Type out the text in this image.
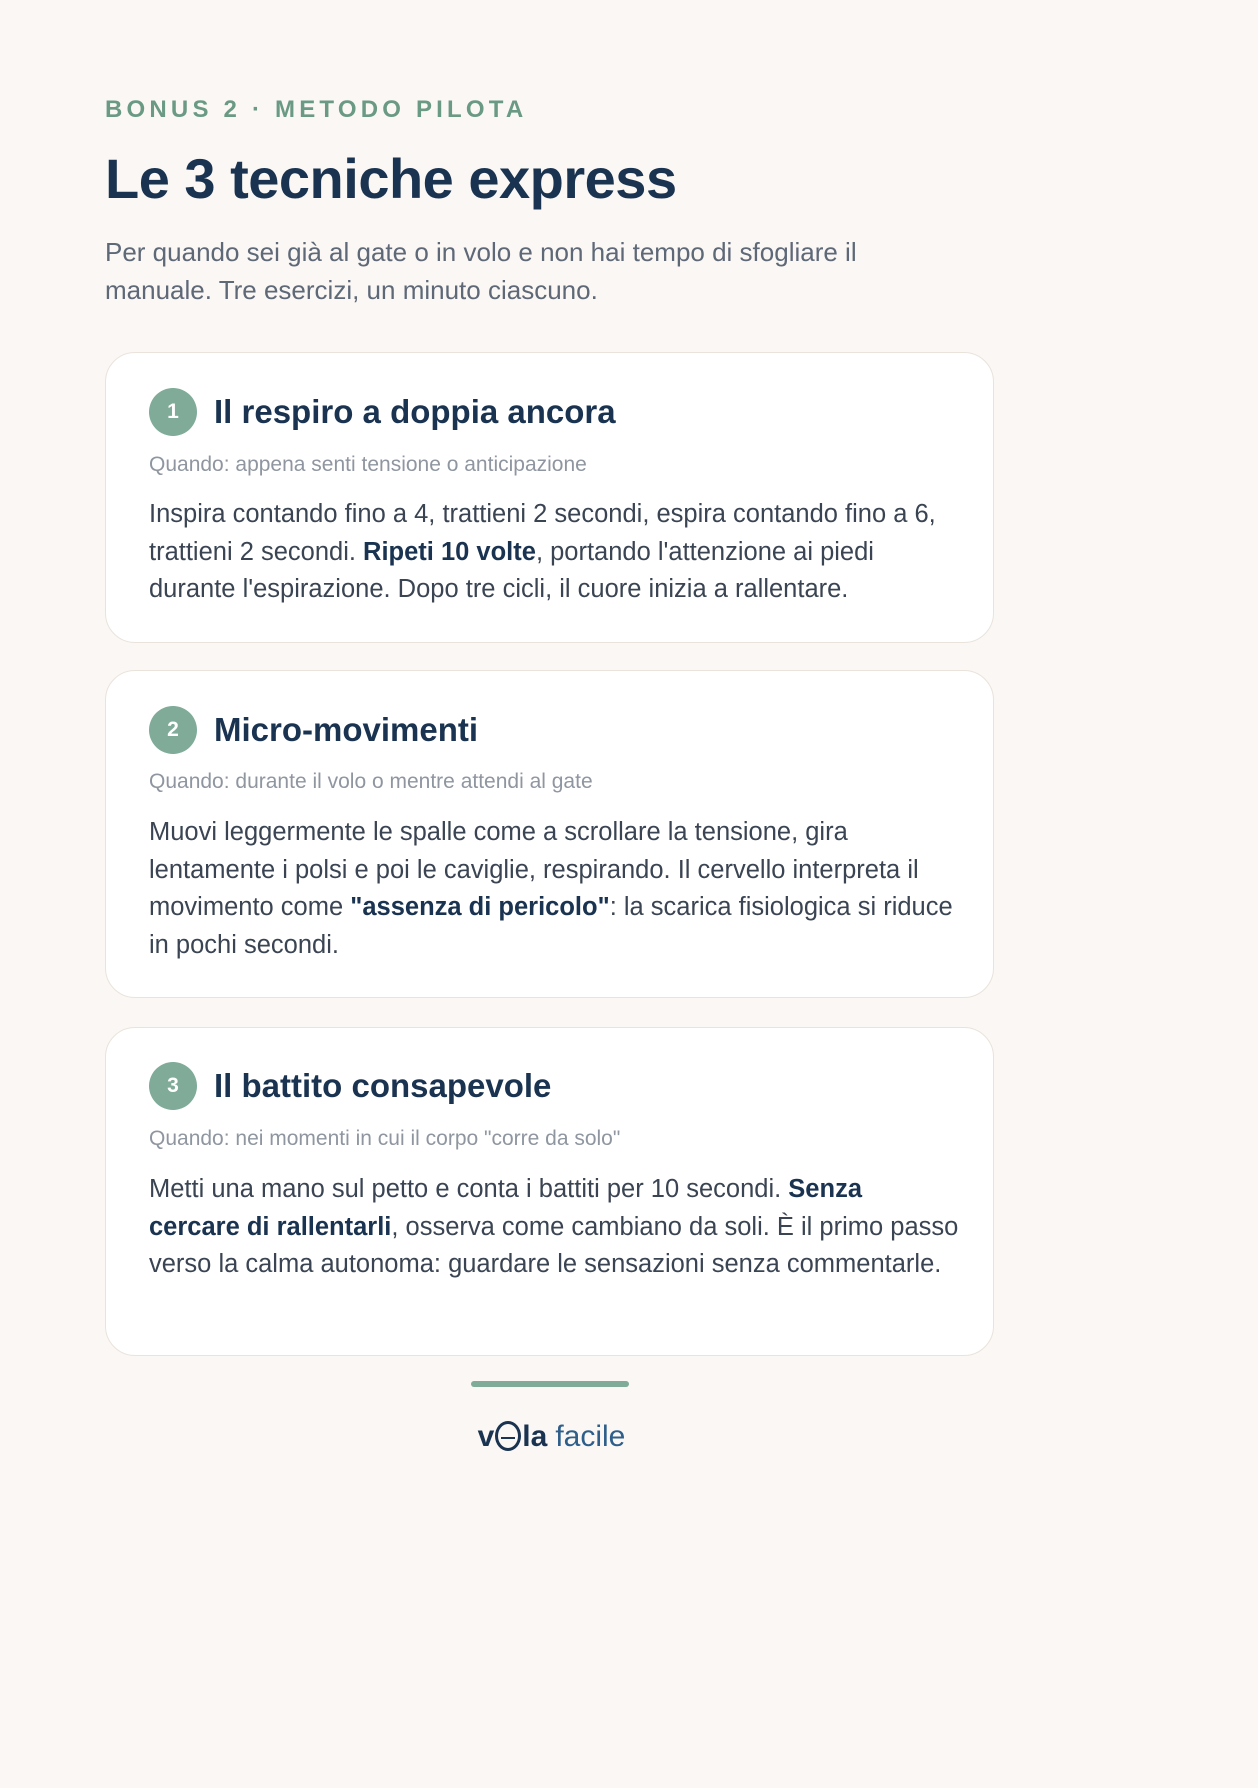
BONUS 2 · METODO PILOTA
Le 3 tecniche express

Per quando sei già al gate o in volo e non hai tempo di sfogliare il manuale. Tre esercizi, un minuto ciascuno.

1	Il respiro a doppia ancora
Quando: appena senti tensione o anticipazione

Inspira contando fino a 4, trattieni 2 secondi, espira contando fino a 6, trattieni 2 secondi. Ripeti 10 volte, portando l'attenzione ai piedi durante l'espirazione. Dopo tre cicli, il cuore inizia a rallentare.

2	Micro-movimenti
Quando: durante il volo o mentre attendi al gate

Muovi leggermente le spalle come a scrollare la tensione, gira lentamente i polsi e poi le caviglie, respirando. Il cervello interpreta il movimento come "assenza di pericolo": la scarica fisiologica si riduce in pochi secondi.

3	Il battito consapevole
Quando: nei momenti in cui il corpo "corre da solo"

Metti una mano sul petto e conta i battiti per 10 secondi. Senza cercare di rallentarli, osserva come cambiano da soli. È il primo passo verso la calma autonoma: guardare le sensazioni senza commentarle.

v la facile
